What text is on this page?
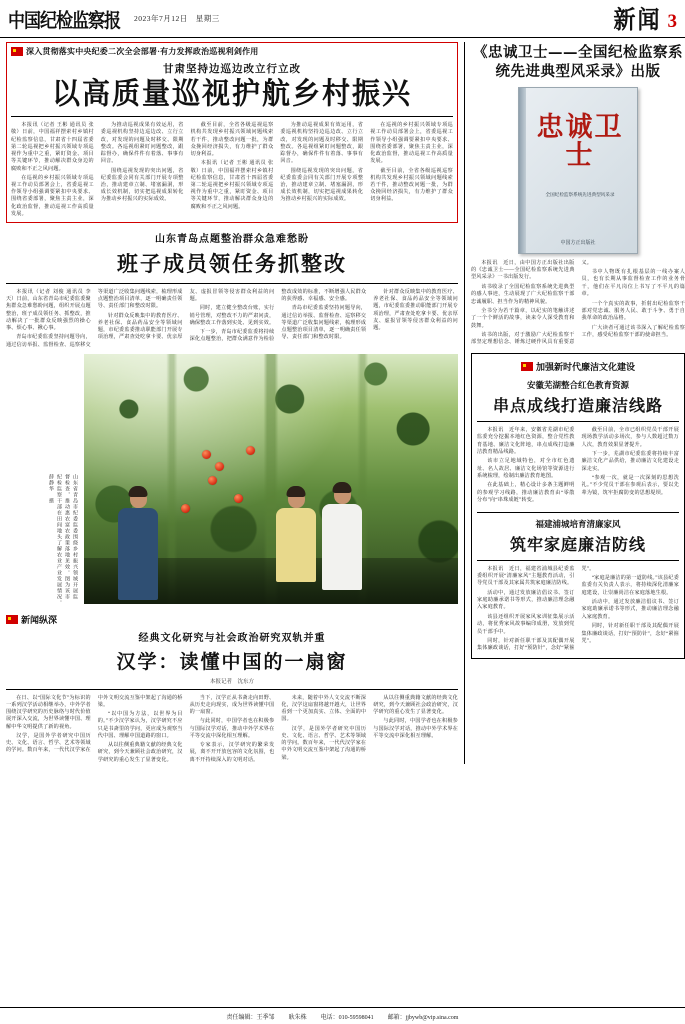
中国纪检监察报 2023年7月12日　星期三	新闻 3
深入贯彻落实中央纪委二次全会部署·有力发挥政治巡视利剑作用
甘肃坚持边巡边改立行立改
以高质量巡视护航乡村振兴

本报讯（记者 王彬 通讯员 张 敬）日前，中国福祥摆索村乡镇村纪检监察信息，甘肃省十四届省委第二轮巡视把乡村振兴领域专项巡视作为重中之重，紧盯资金、项目等关键环节，推动解决群众身边的腐败和不正之风问题。

在巡视的乡村振兴领域专项巡视工作动员部署会上，省委巡视工作领导小组强调要紧扣中央要求、围绕省委部署，聚焦主责主业，深化政治监督，推动巡视工作高质量发展。

为推动巡视成果有效运用，省委巡视机构坚持边巡边改、立行立改，对发现的问题及时移交、限期整改。各巡视组紧盯问题整改，跟踪督办，确保件件有着落、事事有回音。

围绕巡视发现的突出问题，省纪委监委会同有关部门开展专项整治，推动建章立制、堵塞漏洞，形成长效机制，切实把巡视成果转化为推动乡村振兴的实际成效。

截至目前，全省各级巡视巡察机构共发现乡村振兴领域问题线索若干件，推动整改问题一批，为群众挽回经济损失，有力维护了群众切身利益。

本报讯（记者 王彬 通讯员 张 敬）日前，中国福祥摆索村乡镇村纪检监察信息，甘肃省十四届省委第二轮巡视把乡村振兴领域专项巡视作为重中之重，紧盯资金、项目等关键环节，推动解决群众身边的腐败和不正之风问题。

为推动巡视成果有效运用，省委巡视机构坚持边巡边改、立行立改，对发现的问题及时移交、限期整改。各巡视组紧盯问题整改，跟踪督办，确保件件有着落、事事有回音。

围绕巡视发现的突出问题，省纪委监委会同有关部门开展专项整治，推动建章立制、堵塞漏洞，形成长效机制，切实把巡视成果转化为推动乡村振兴的实际成效。

在巡视的乡村振兴领域专项巡视工作动员部署会上，省委巡视工作领导小组强调要紧扣中央要求、围绕省委部署，聚焦主责主业，深化政治监督，推动巡视工作高质量发展。

截至目前，全省各级巡视巡察机构共发现乡村振兴领域问题线索若干件，推动整改问题一批，为群众挽回经济损失，有力维护了群众切身利益。

山东青岛点题整治群众急难愁盼
班子成员领任务抓整改

本报讯（记者 刘俊 通讯员 李天）日前，山东省青岛市纪委监委聚焦群众急难愁盼问题，组织开展点题整治，班子成员领任务、抓整改，推动解决了一批群众反映强烈的操心事、烦心事、揪心事。

青岛市纪委监委坚持问题导向，通过信访举报、监督检查、巡察移交等渠道广泛收集问题线索，梳理形成点题整治项目清单，逐一明确责任领导、责任部门和整改时限。

针对群众反映集中的教育医疗、养老社保、食品药品安全等领域问题，市纪委监委推动职能部门开展专项治理，严肃查处吃拿卡要、优亲厚友、虚报冒领等侵害群众利益的问题。

同时，建立健全整改台账，实行销号管理，对整改不力的严肃问责，确保整改工作落到实处、见到实效。

下一步，青岛市纪委监委将持续深化点题整治，把群众满意作为检验整改成效的标准，不断增强人民群众的获得感、幸福感、安全感。

青岛市纪委监委坚持问题导向，通过信访举报、监督检查、巡察移交等渠道广泛收集问题线索，梳理形成点题整治项目清单，逐一明确责任领导、责任部门和整改时限。

针对群众反映集中的教育医疗、养老社保、食品药品安全等领域问题，市纪委监委推动职能部门开展专项治理，严肃查处吃拿卡要、优亲厚友、虚报冒领等侵害群众利益的问题。

山东省青岛市纪委监委围绕乡村振兴领域开展监督检查，推动惠农富农政策落地见效。图为该市纪检监察干部在田间地头了解农业产业发展情况。　薛静华　摄
新闻纵深
经典文化研究与社会政治研究双轨并重
汉学：读懂中国的一扇窗
本报记者　沈东方

在日、以“国际文化节”为标识的一系列汉学活动相继举办，中外学者围绕汉学研究的历史脉络与时代价值展开深入交流，为世界读懂中国、理解中华文明提供了新的视角。

汉学，是国外学者研究中国历史、文化、语言、哲学、艺术等领域的学问。数百年来，一代代汉学家在中外文明交流互鉴中架起了沟通的桥梁。

“以中国为方法，以世界为目的。”不少汉学家认为，汉学研究不应只是书斋里的学问，更应成为观察当代中国、理解中国道路的窗口。

从以往侧重典籍文献的经典文化研究，到今天兼顾社会政治研究，汉学研究的重心发生了显著变化。

当下，汉学正从书斋走向田野、从历史走向现实，成为世界读懂中国的一扇窗。

与此同时，中国学者也在积极参与国际汉学对话，推动中外学术界在平等交流中深化相互理解。

专家表示，汉学研究的繁荣发展，离不开开放包容的文化氛围，也离不开持续深入的文明对话。

未来，随着中外人文交流不断深化，汉学这扇窗将越开越大，让世界看到一个更加真实、立体、全面的中国。

汉学，是国外学者研究中国历史、文化、语言、哲学、艺术等领域的学问。数百年来，一代代汉学家在中外文明交流互鉴中架起了沟通的桥梁。

从以往侧重典籍文献的经典文化研究，到今天兼顾社会政治研究，汉学研究的重心发生了显著变化。

与此同时，中国学者也在积极参与国际汉学对话，推动中外学术界在平等交流中深化相互理解。

《忠诚卫士——全国纪检监察系统先进典型风采录》出版
忠诚卫士
全国纪检监察系统先进典型风采录
中国方正出版社

本报讯　近日，由中国方正出版社出版的《忠诚卫士——全国纪检监察系统先进典型风采录》一书出版发行。

该书收录了全国纪检监察系统先进典型的感人事迹，生动展现了广大纪检监察干部忠诚履职、担当作为的精神风貌。

全书分为若干篇章，以纪实的笔触讲述了一个个鲜活的故事，读来令人深受教育和鼓舞。

该书的出版，对于激励广大纪检监察干部坚定理想信念、锤炼过硬作风具有重要意义。

书中人物既有扎根基层的一线办案人员，也有长期从事监督检查工作的业务骨干，他们在平凡岗位上书写了不平凡的篇章。

一个个真实的故事，折射出纪检监察干部对党忠诚、服务人民、敢于斗争、勇于自我革命的政治品格。

广大读者可通过该书深入了解纪检监察工作，感受纪检监察干部的使命担当。

加强新时代廉洁文化建设
安徽芜湖整合红色教育资源
串点成线打造廉洁线路

本报讯　近年来，安徽省芜湖市纪委监委充分挖掘本地红色资源，整合党性教育基地、廉洁文化阵地，串点成线打造廉洁教育精品线路。

该市立足地域特色，对全市红色遗址、名人故居、廉洁文化场馆等资源进行系统梳理，绘制出廉洁教育地图。

在此基础上，精心设计多条主题鲜明的参观学习线路，推动廉洁教育由“零散分布”向“串珠成链”转变。

截至目前，全市已组织党员干部开展现场教学活动多场次，参与人数超过数万人次，教育效果显著提升。

下一步，芜湖市纪委监委将持续丰富廉洁文化产品供给，推动廉洁文化建设走深走实。

“参观一次，就是一次深刻的思想洗礼。”不少党员干部在参观后表示，要以先辈为镜，筑牢拒腐防变的思想堤坝。

福建浦城培育清廉家风
筑牢家庭廉洁防线

本报讯　近日，福建省浦城县纪委监委组织开展“清廉家风”主题教育活动，引导党员干部及其家属共筑家庭廉洁防线。

活动中，通过发放廉洁倡议书、签订家庭助廉承诺书等形式，推动廉洁理念融入家庭教育。

该县还组织开展家风家训征集展示活动，将优秀家风故事编印成册，发放到党员干部手中。

同时，针对新任职干部及其配偶开展集体廉政谈话，打好“预防针”，念好“紧箍咒”。

“家庭是廉洁的第一道防线。”该县纪委监委有关负责人表示，将持续深化清廉家庭建设，让崇廉尚洁在家庭落地生根。

活动中，通过发放廉洁倡议书、签订家庭助廉承诺书等形式，推动廉洁理念融入家庭教育。

同时，针对新任职干部及其配偶开展集体廉政谈话，打好“预防针”，念好“紧箍咒”。

责任编辑：王季邹 耿朱株 电话：010-59598041 邮箱：jjbywb@vip.sina.com
